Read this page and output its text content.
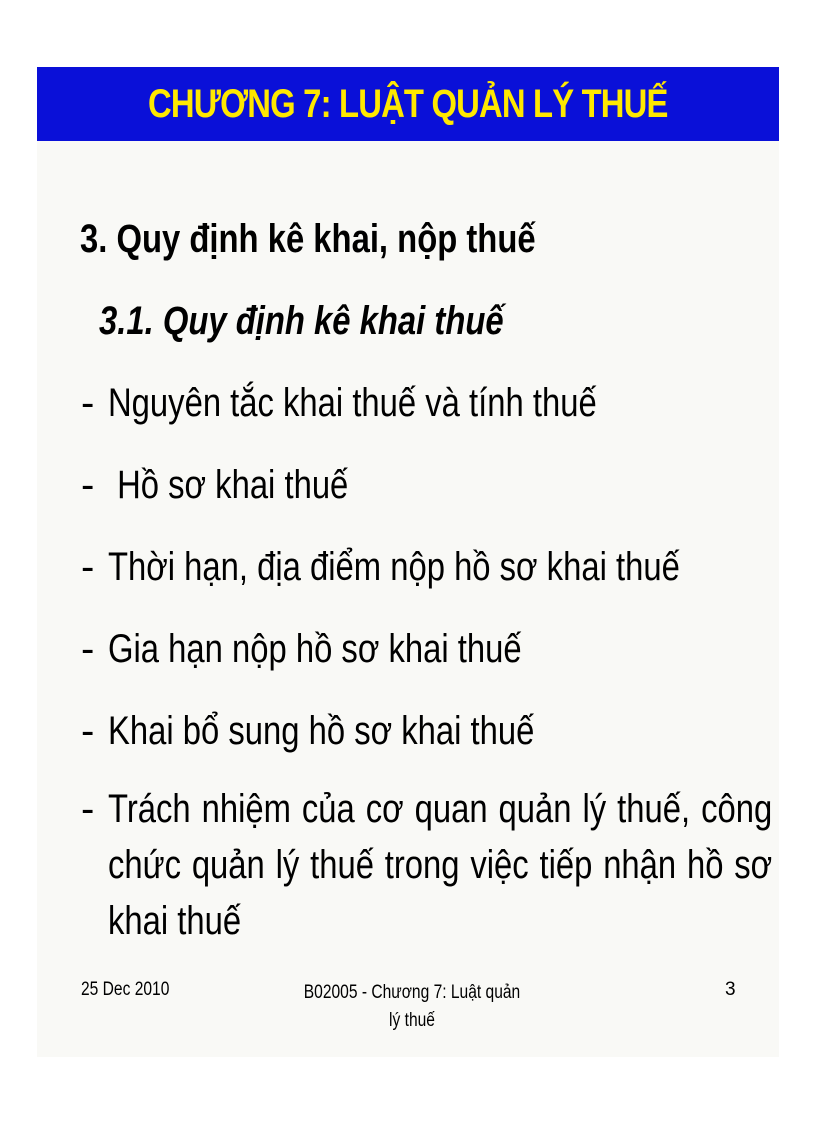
CHƯƠNG 7: LUẬT QUẢN LÝ THUẾ
3. Quy định kê khai, nộp thuế
3.1. Quy định kê khai thuế
- Nguyên tắc khai thuế và tính thuế
- Hồ sơ khai thuế
- Thời hạn, địa điểm nộp hồ sơ khai thuế
- Gia hạn nộp hồ sơ khai thuế
- Khai bổ sung hồ sơ khai thuế
- Trách nhiệm của cơ quan quản lý thuế, công chức quản lý thuế trong việc tiếp nhận hồ sơ khai thuế
25 Dec 2010	B02005 - Chương 7: Luật quản lý thuế
3
